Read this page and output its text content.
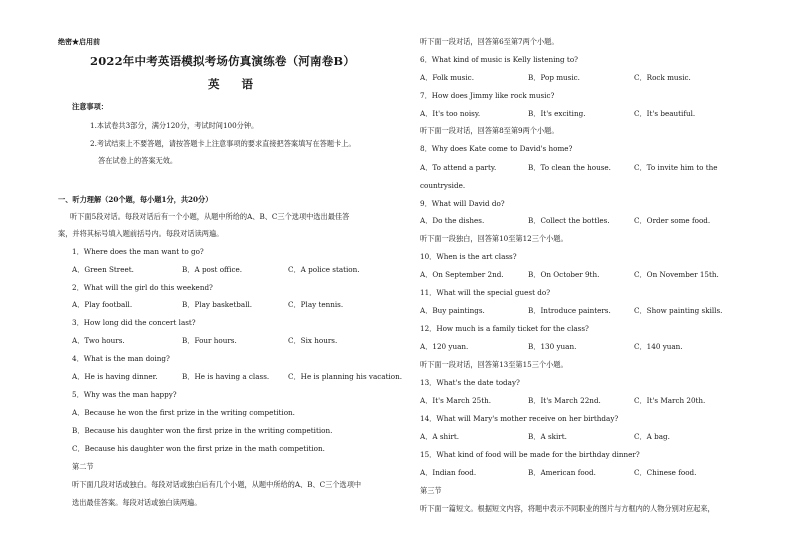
绝密★启用前
2022年中考英语模拟考场仿真演练卷（河南卷B）
英 语
注意事项：
1.本试卷共3部分，满分120分，考试时间100分钟。
2.考试结束上不要答题，请按答题卡上注意事项的要求直接把答案填写在答题卡上。
答在试卷上的答案无效。
一、听力理解（20个题，每小题1分，共20分）
听下面5段对话。每段对话后有一个小题，从题中所给的A、B、C三个选项中选出最佳答
案，并将其标号填入题前括号内。每段对话读两遍。
1．Where does the man want to go?
A．Green Street.	B．A post office.	C．A police station.
2．What will the girl do this weekend?
A．Play football.	B．Play basketball.	C．Play tennis.
3．How long did the concert last?
A．Two hours.	B．Four hours.	C．Six hours.
4．What is the man doing?
A．He is having dinner.	B．He is having a class.	C．He is planning his vacation.
5．Why was the man happy?
A．Because he won the first prize in the writing competition.
B．Because his daughter won the first prize in the writing competition.
C．Because his daughter won the first prize in the math competition.
第二节
听下面几段对话或独白。每段对话或独白后有几个小题，从题中所给的A、B、C三个选项中
选出最佳答案。每段对话或独白读两遍。
听下面一段对话，回答第6至第7两个小题。
6．What kind of music is Kelly listening to?
A．Folk music.	B．Pop music.	C．Rock music.
7．How does Jimmy like rock music?
A．It's too noisy.	B．It's exciting.	C．It's beautiful.
听下面一段对话，回答第8至第9两个小题。
8．Why does Kate come to David's home?
A．To attend a party.	B．To clean the house.	C．To invite him to the
countryside.
9．What will David do?
A．Do the dishes.	B．Collect the bottles.	C．Order some food.
听下面一段独白，回答第10至第12三个小题。
10．When is the art class?
A．On September 2nd.	B．On October 9th.	C．On November 15th.
11．What will the special guest do?
A．Buy paintings.	B．Introduce painters.	C．Show painting skills.
12．How much is a family ticket for the class?
A．120 yuan.	B．130 yuan.	C．140 yuan.
听下面一段对话，回答第13至第15三个小题。
13．What's the date today?
A．It's March 25th.	B．It's March 22nd.	C．It's March 20th.
14．What will Mary's mother receive on her birthday?
A．A shirt.	B．A skirt.	C．A bag.
15．What kind of food will be made for the birthday dinner?
A．Indian food.	B．American food.	C．Chinese food.
第三节
听下面一篇短文。根据短文内容，将题中表示不同职业的图片与方框内的人物分别对应起来，
